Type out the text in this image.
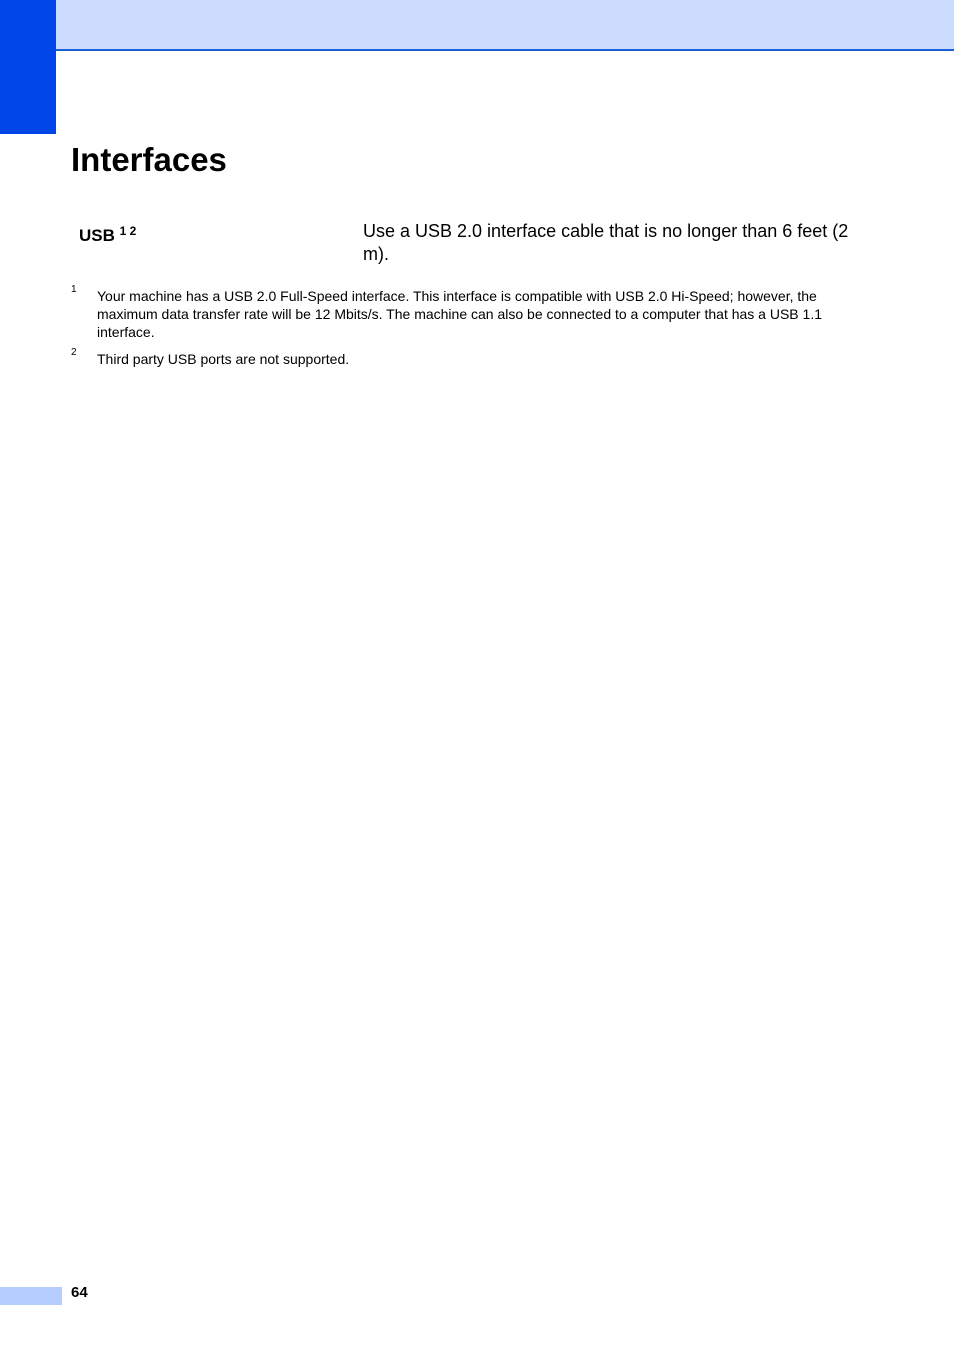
Interfaces
USB $^{1 2}$	Use a USB 2.0 interface cable that is no longer than 6 feet (2 m).
1 Your machine has a USB 2.0 Full-Speed interface. This interface is compatible with USB 2.0 Hi-Speed; however, the maximum data transfer rate will be 12 Mbits/s. The machine can also be connected to a computer that has a USB 1.1 interface.
2 Third party USB ports are not supported.
64
